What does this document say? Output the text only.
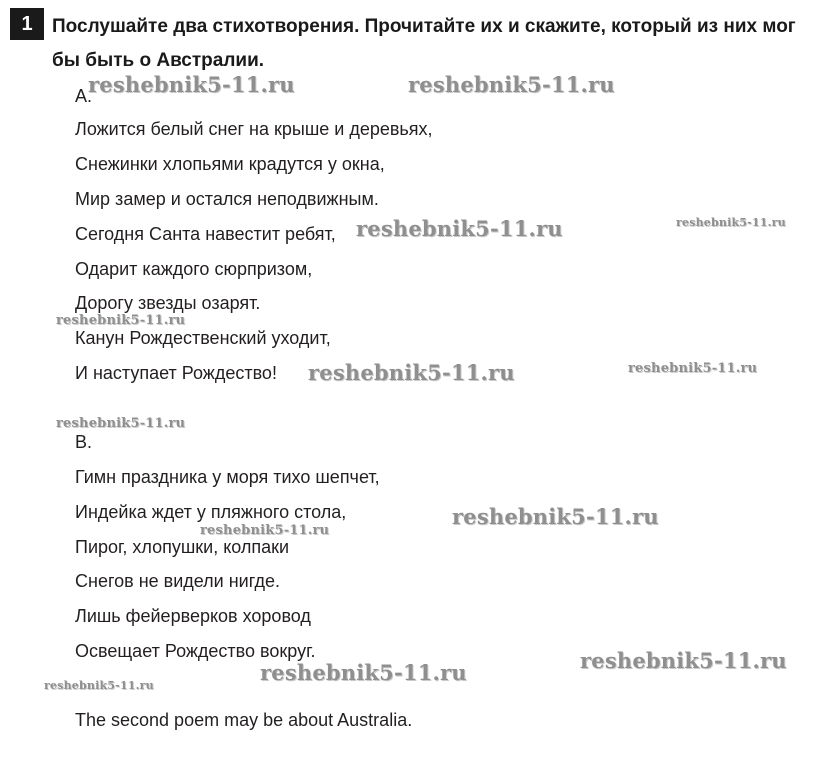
1	Послушайте два стихотворения. Прочитайте их и скажите, который из них мог бы быть о Австралии.
A.
Ложится белый снег на крыше и деревьях,
Снежинки хлопьями крадутся у окна,
Мир замер и остался неподвижным.
Сегодня Санта навестит ребят,
Одарит каждого сюрпризом,
Дорогу звезды озарят.
Канун Рождественский уходит,
И наступает Рождество!
B.
Гимн праздника у моря тихо шепчет,
Индейка ждет у пляжного стола,
Пирог, хлопушки, колпаки
Снегов не видели нигде.
Лишь фейерверков хоровод
Освещает Рождество вокруг.
The second poem may be about Australia.
reshebnik5-11.ru	reshebnik5-11.ru
reshebnik5-11.ru	reshebnik5-11.ru
reshebnik5-11.ru
reshebnik5-11.ru	reshebnik5-11.ru
reshebnik5-11.ru
reshebnik5-11.ru
reshebnik5-11.ru
reshebnik5-11.ru
reshebnik5-11.ru
reshebnik5-11.ru
